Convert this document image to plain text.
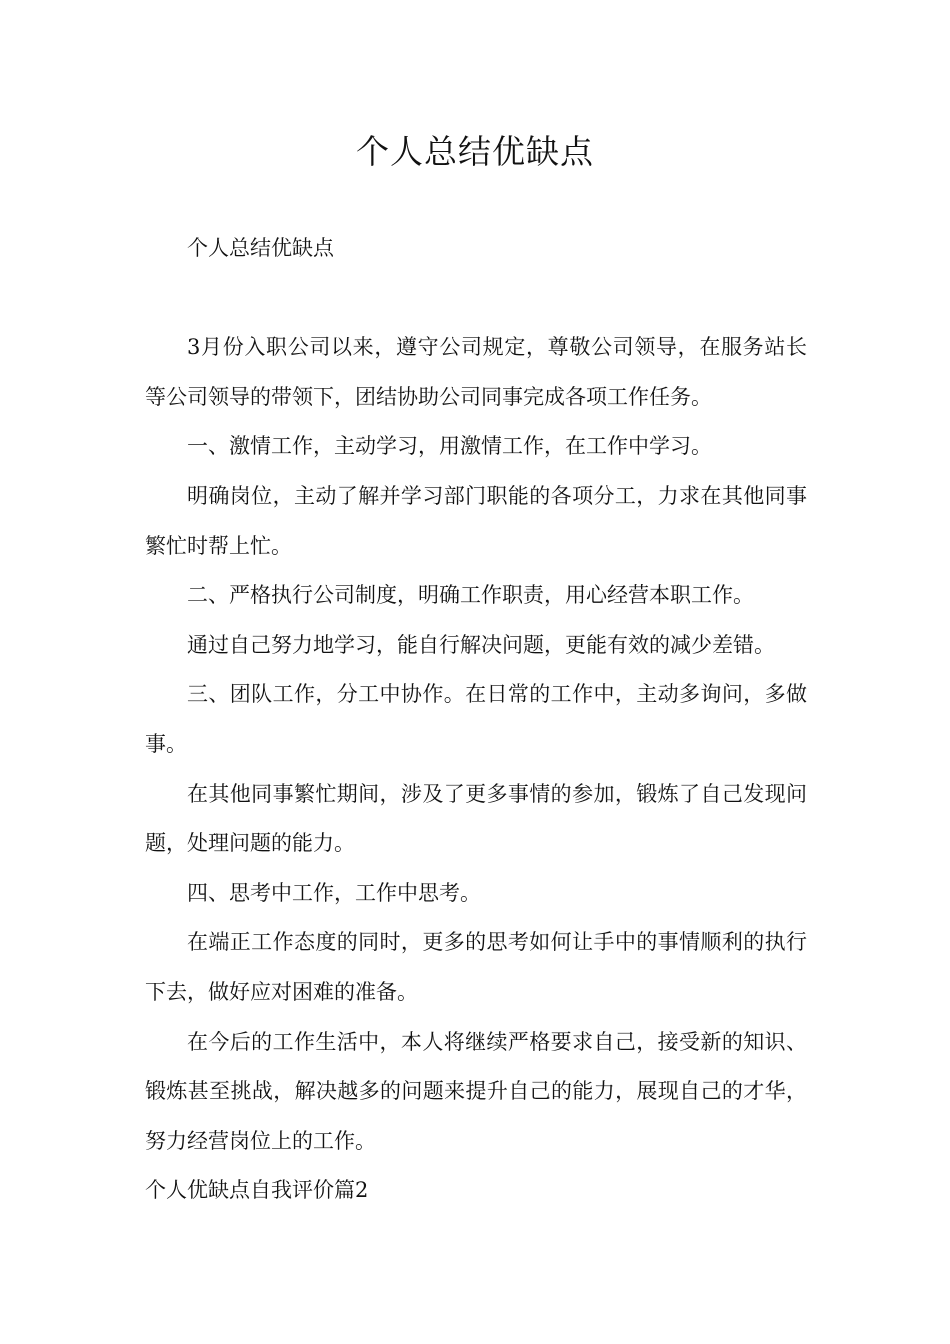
个人总结优缺点

个人总结优缺点

3月份入职公司以来，遵守公司规定，尊敬公司领导，在服务站长等公司领导的带领下，团结协助公司同事完成各项工作任务。

一、激情工作，主动学习，用激情工作，在工作中学习。

明确岗位，主动了解并学习部门职能的各项分工，力求在其他同事繁忙时帮上忙。

二、严格执行公司制度，明确工作职责，用心经营本职工作。

通过自己努力地学习，能自行解决问题，更能有效的减少差错。

三、团队工作，分工中协作。在日常的工作中，主动多询问，多做事。

在其他同事繁忙期间，涉及了更多事情的参加，锻炼了自己发现问题，处理问题的能力。

四、思考中工作，工作中思考。

在端正工作态度的同时，更多的思考如何让手中的事情顺利的执行下去，做好应对困难的准备。

在今后的工作生活中，本人将继续严格要求自己，接受新的知识、锻炼甚至挑战，解决越多的问题来提升自己的能力，展现自己的才华，努力经营岗位上的工作。

个人优缺点自我评价篇2
